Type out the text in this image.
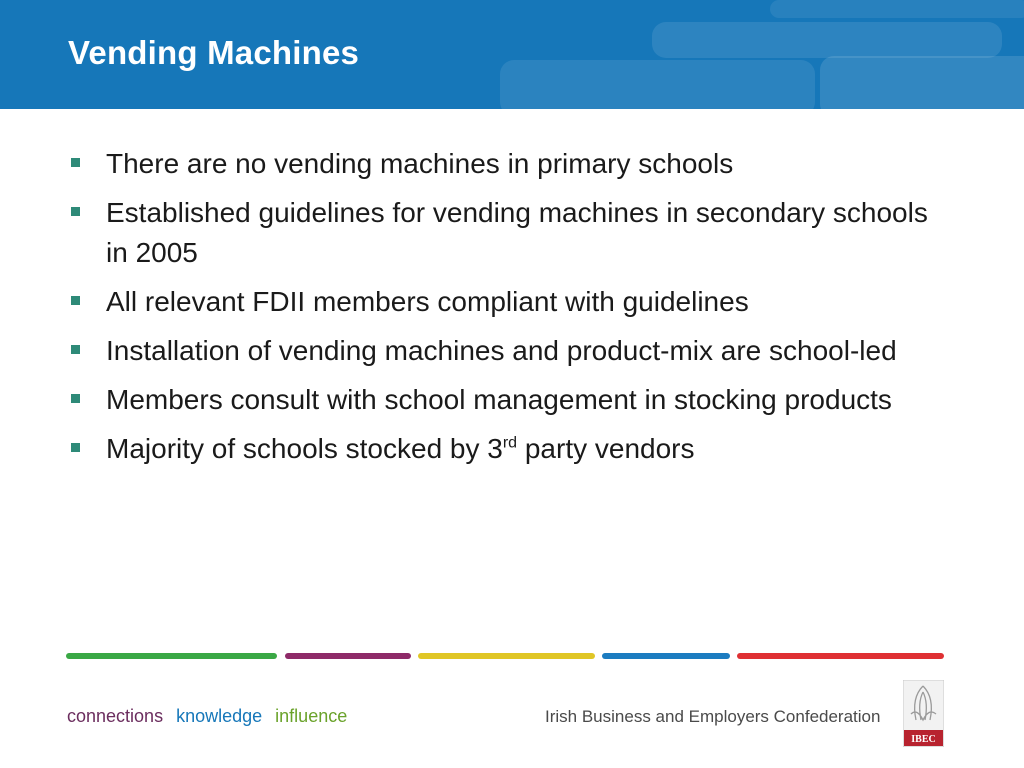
Vending Machines
There are no vending machines in primary schools
Established guidelines for vending machines in secondary schools in 2005
All relevant FDII members compliant with guidelines
Installation of vending machines and product-mix are school-led
Members consult with school management in stocking products
Majority of schools stocked by 3rd party vendors
connections knowledge influence	Irish Business and Employers Confederation
IBEC
